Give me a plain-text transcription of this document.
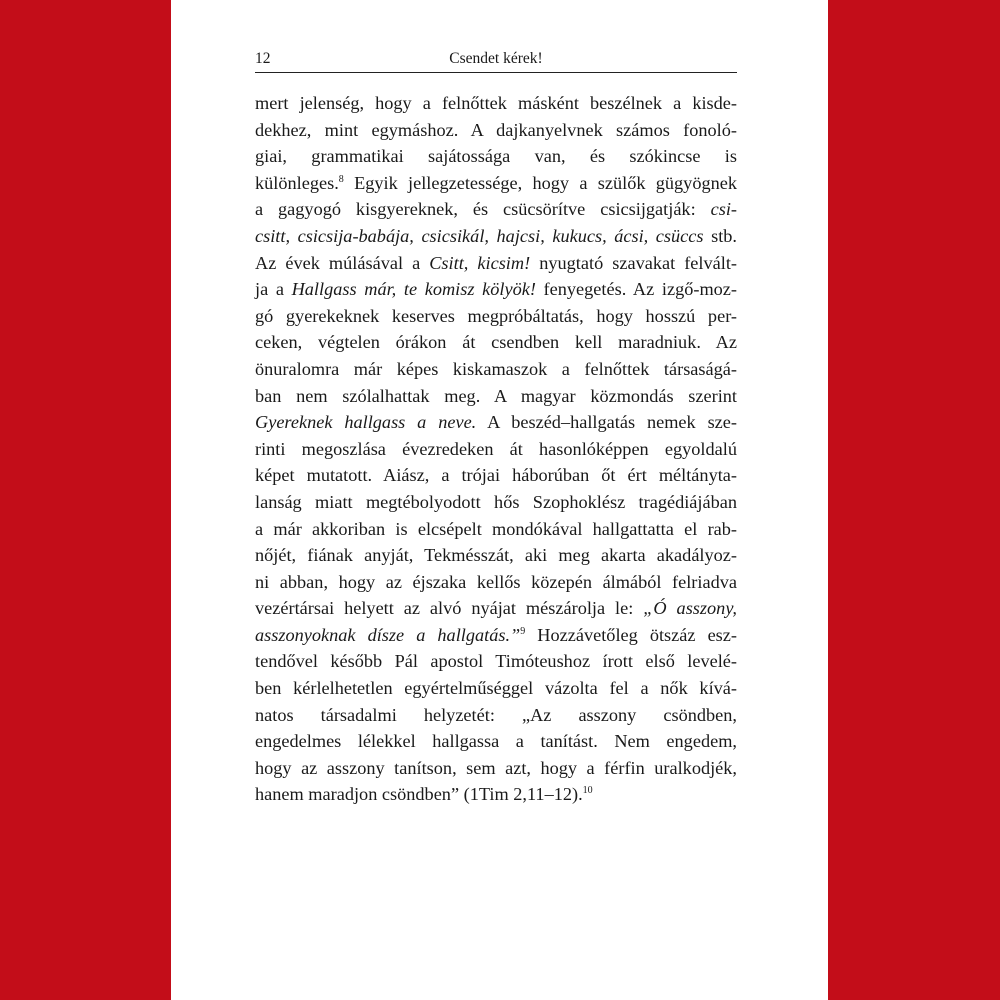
12	Csendet kérek!
mert jelenség, hogy a felnőttek másként beszélnek a kisde-
dekhez, mint egymáshoz. A dajkanyelvnek számos fonoló-
giai, grammatikai sajátossága van, és szókincse is
különleges.$^8$ Egyik jellegzetessége, hogy a szülők gügyögnek
a gagyogó kisgyereknek, és csücsörítve csicsijgatják: csi-
csitt, csicsija-babája, csicsikál, hajcsi, kukucs, ácsi, csüccs stb.
Az évek múlásával a Csitt, kicsim! nyugtató szavakat felvált-
ja a Hallgass már, te komisz kölyök! fenyegetés. Az izgő-moz-
gó gyerekeknek keserves megpróbáltatás, hogy hosszú per-
ceken, végtelen órákon át csendben kell maradniuk. Az
önuralomra már képes kiskamaszok a felnőttek társaságá-
ban nem szólalhattak meg. A magyar közmondás szerint
Gyereknek hallgass a neve. A beszéd–hallgatás nemek sze-
rinti megoszlása évezredeken át hasonlóképpen egyoldalú
képet mutatott. Aiász, a trójai háborúban őt ért méltányta-
lanság miatt megtébolyodott hős Szophoklész tragédiájában
a már akkoriban is elcsépelt mondókával hallgattatta el rab-
nőjét, fiának anyját, Tekmésszát, aki meg akarta akadályoz-
ni abban, hogy az éjszaka kellős közepén álmából felriadva
vezértársai helyett az alvó nyájat mészárolja le: „Ó asszony,
asszonyoknak dísze a hallgatás.”$^9$ Hozzávetőleg ötszáz esz-
tendővel később Pál apostol Timóteushoz írott első levelé-
ben kérlelhetetlen egyértelműséggel vázolta fel a nők kívá-
natos társadalmi helyzetét: „Az asszony csöndben,
engedelmes lélekkel hallgassa a tanítást. Nem engedem,
hogy az asszony tanítson, sem azt, hogy a férfin uralkodjék,
hanem maradjon csöndben” (1Tim 2,11–12).$^{10}$
